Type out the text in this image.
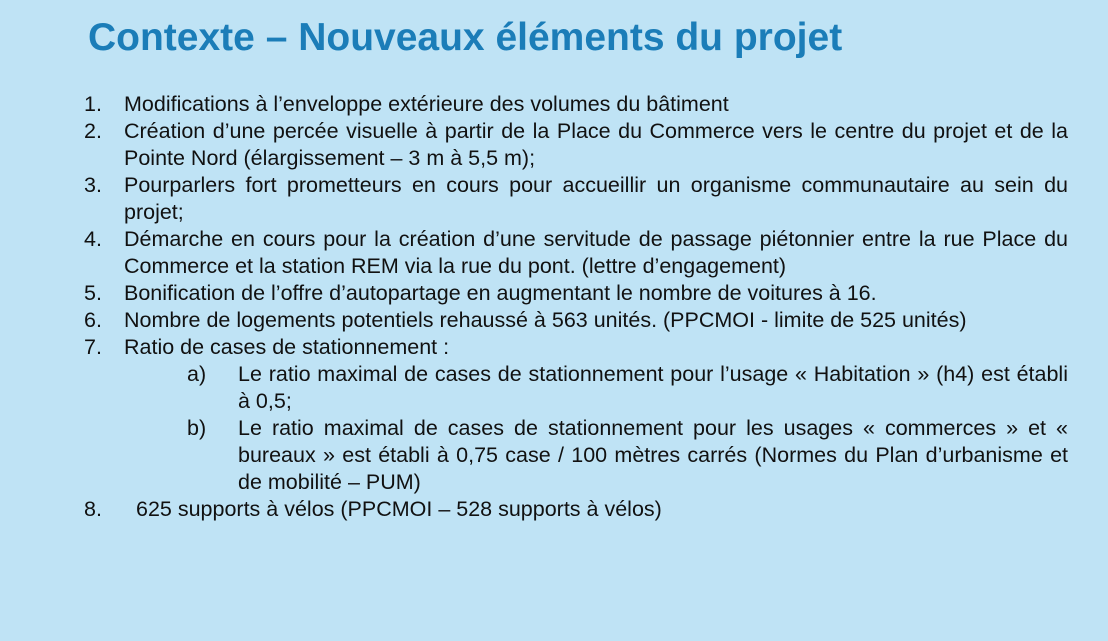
Contexte – Nouveaux éléments du projet
1.	Modifications à l’enveloppe extérieure des volumes du bâtiment
2.	Création d’une percée visuelle à partir de la Place du Commerce vers le centre du projet et de la Pointe Nord (élargissement – 3 m à 5,5 m);
3.	Pourparlers fort prometteurs en cours pour accueillir un organisme communautaire au sein du projet;
4.	Démarche en cours pour la création d’une servitude de passage piétonnier entre la rue Place du Commerce et la station REM via la rue du pont. (lettre d’engagement)
5.	Bonification de l’offre d’autopartage en augmentant le nombre de voitures à 16.
6.	Nombre de logements potentiels rehaussé à 563 unités. (PPCMOI - limite de 525 unités)
7.	Ratio de cases de stationnement :
a) Le ratio maximal de cases de stationnement pour l’usage « Habitation » (h4) est établi à 0,5;
b) Le ratio maximal de cases de stationnement pour les usages « commerces » et « bureaux » est établi à 0,75 case / 100 mètres carrés (Normes du Plan d’urbanisme et de mobilité – PUM)
8.	625 supports à vélos (PPCMOI – 528 supports à vélos)
